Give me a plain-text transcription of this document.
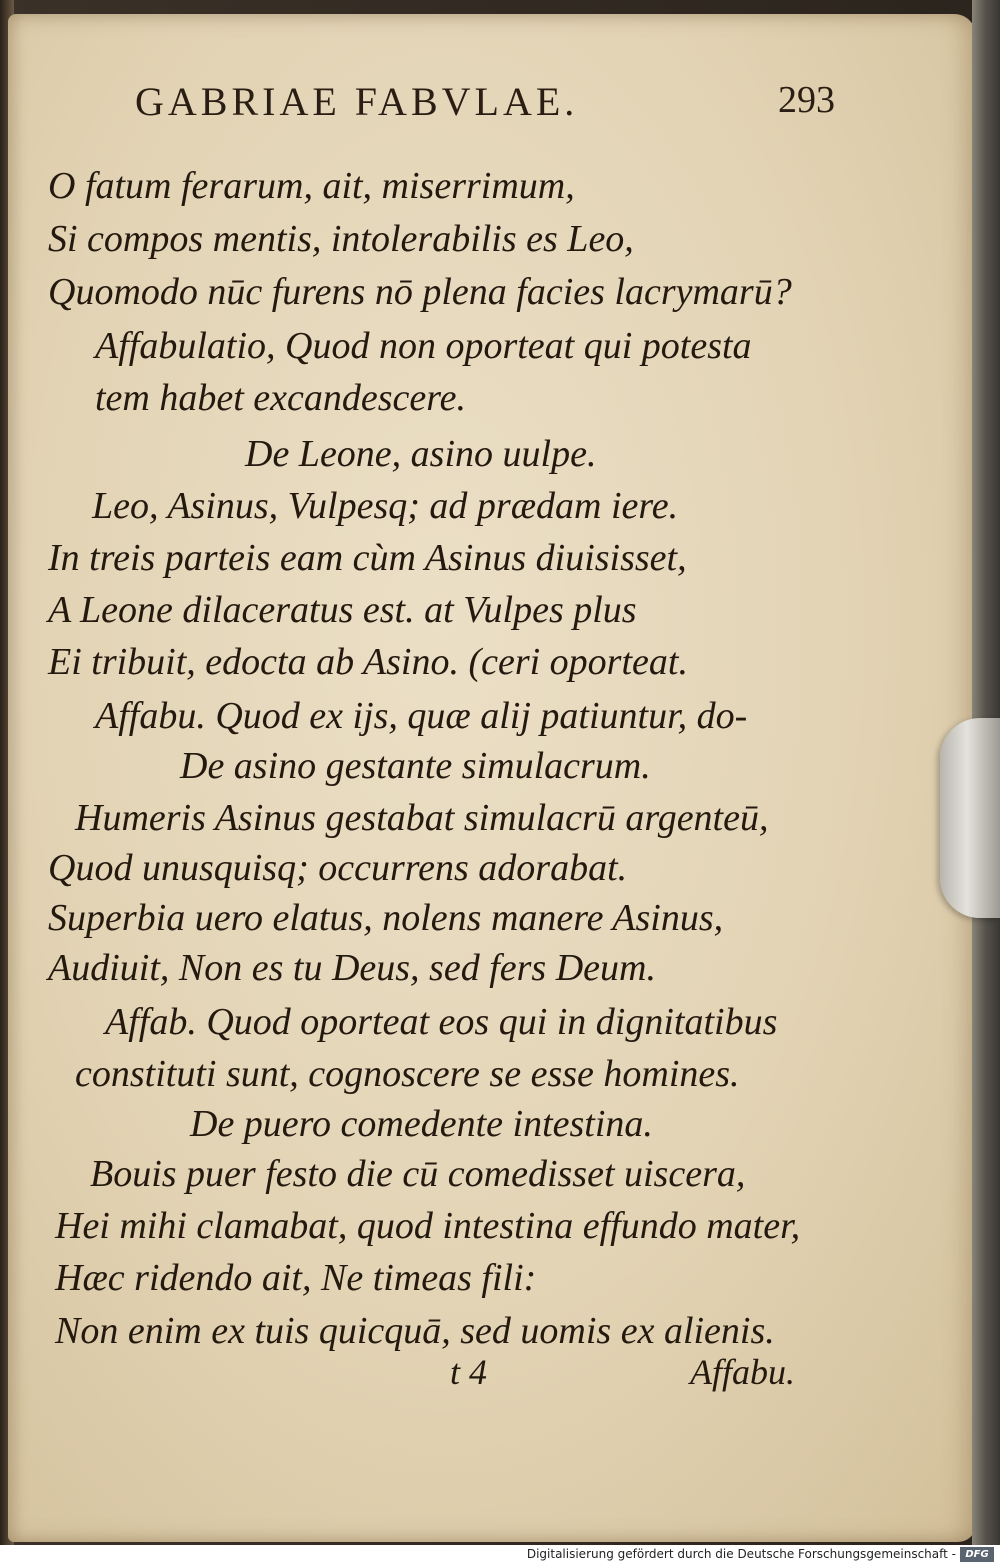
GABRIAE FABVLAE.	293
O fatum ferarum, ait, miserrimum,
Si compos mentis, intolerabilis es Leo,
Quomodo nūc furens nō plena facies lacrymarū?
Affabulatio, Quod non oporteat qui potesta
tem habet excandescere.
De Leone, asino uulpe.
Leo, Asinus, Vulpesq; ad prædam iere.
In treis parteis eam cùm Asinus diuisisset,
A Leone dilaceratus est. at Vulpes plus
Ei tribuit, edocta ab Asino. (ceri oporteat.
Affabu. Quod ex ijs, quæ alij patiuntur, do-
De asino gestante simulacrum.
Humeris Asinus gestabat simulacrū argenteū,
Quod unusquisq; occurrens adorabat.
Superbia uero elatus, nolens manere Asinus,
Audiuit, Non es tu Deus, sed fers Deum.
Affab. Quod oporteat eos qui in dignitatibus
constituti sunt, cognoscere se esse homines.
De puero comedente intestina.
Bouis puer festo die cū comedisset uiscera,
Hei mihi clamabat, quod intestina effundo mater,
Hæc ridendo ait, Ne timeas fili:
Non enim ex tuis quicquā, sed uomis ex alienis.
t 4	Affabu.
Digitalisierung gefördert durch die Deutsche Forschungsgemeinschaft - DFG
